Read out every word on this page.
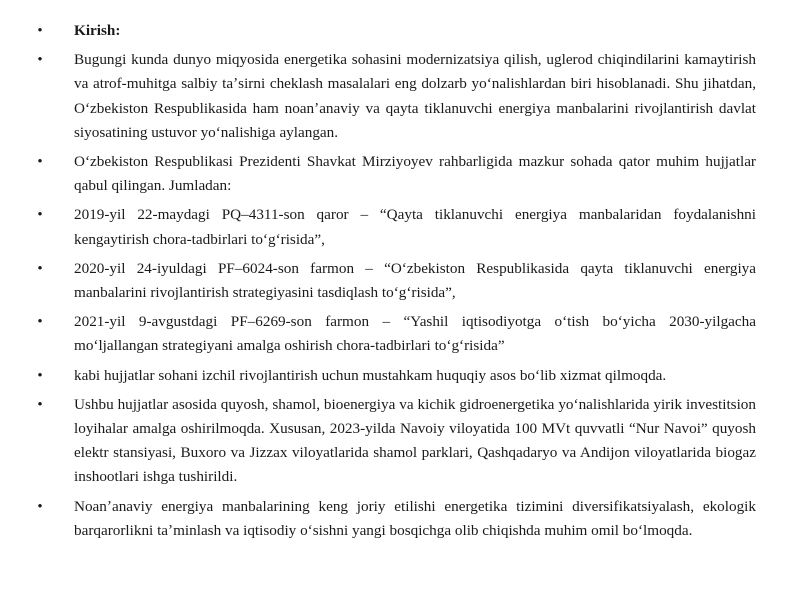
• Kirish:
• Bugungi kunda dunyo miqyosida energetika sohasini modernizatsiya qilish, uglerod chiqindilarini kamaytirish va atrof-muhitga salbiy taʼsirni cheklash masalalari eng dolzarb yoʻnalishlardan biri hisoblanadi. Shu jihatdan, Oʻzbekiston Respublikasida ham noanʼanaviy va qayta tiklanuvchi energiya manbalarini rivojlantirish davlat siyosatining ustuvor yoʻnalishiga aylangan.
• Oʻzbekiston Respublikasi Prezidenti Shavkat Mirziyoyev rahbarligida mazkur sohada qator muhim hujjatlar qabul qilingan. Jumladan:
• 2019-yil 22-maydagi PQ–4311-son qaror – “Qayta tiklanuvchi energiya manbalaridan foydalanishni kengaytirish chora-tadbirlari toʻgʻrisida”,
• 2020-yil 24-iyuldagi PF–6024-son farmon – “Oʻzbekiston Respublikasida qayta tiklanuvchi energiya manbalarini rivojlantirish strategiyasini tasdiqlash toʻgʻrisida”,
• 2021-yil 9-avgustdagi PF–6269-son farmon – “Yashil iqtisodiyotga oʻtish boʻyicha 2030-yilgacha moʻljallangan strategiyani amalga oshirish chora-tadbirlari toʻgʻrisida”
• kabi hujjatlar sohani izchil rivojlantirish uchun mustahkam huquqiy asos boʻlib xizmat qilmoqda.
• Ushbu hujjatlar asosida quyosh, shamol, bioenergiya va kichik gidroenergetika yoʻnalishlarida yirik investitsion loyihalar amalga oshirilmoqda. Xususan, 2023-yilda Navoiy viloyatida 100 MVt quvvatli “Nur Navoi” quyosh elektr stansiyasi, Buxoro va Jizzax viloyatlarida shamol parklari, Qashqadaryo va Andijon viloyatlarida biogaz inshootlari ishga tushirildi.
• Noanʼanaviy energiya manbalarining keng joriy etilishi energetika tizimini diversifikatsiyalash, ekologik barqarorlikni taʼminlash va iqtisodiy oʻsishni yangi bosqichga olib chiqishda muhim omil boʻlmoqda.
